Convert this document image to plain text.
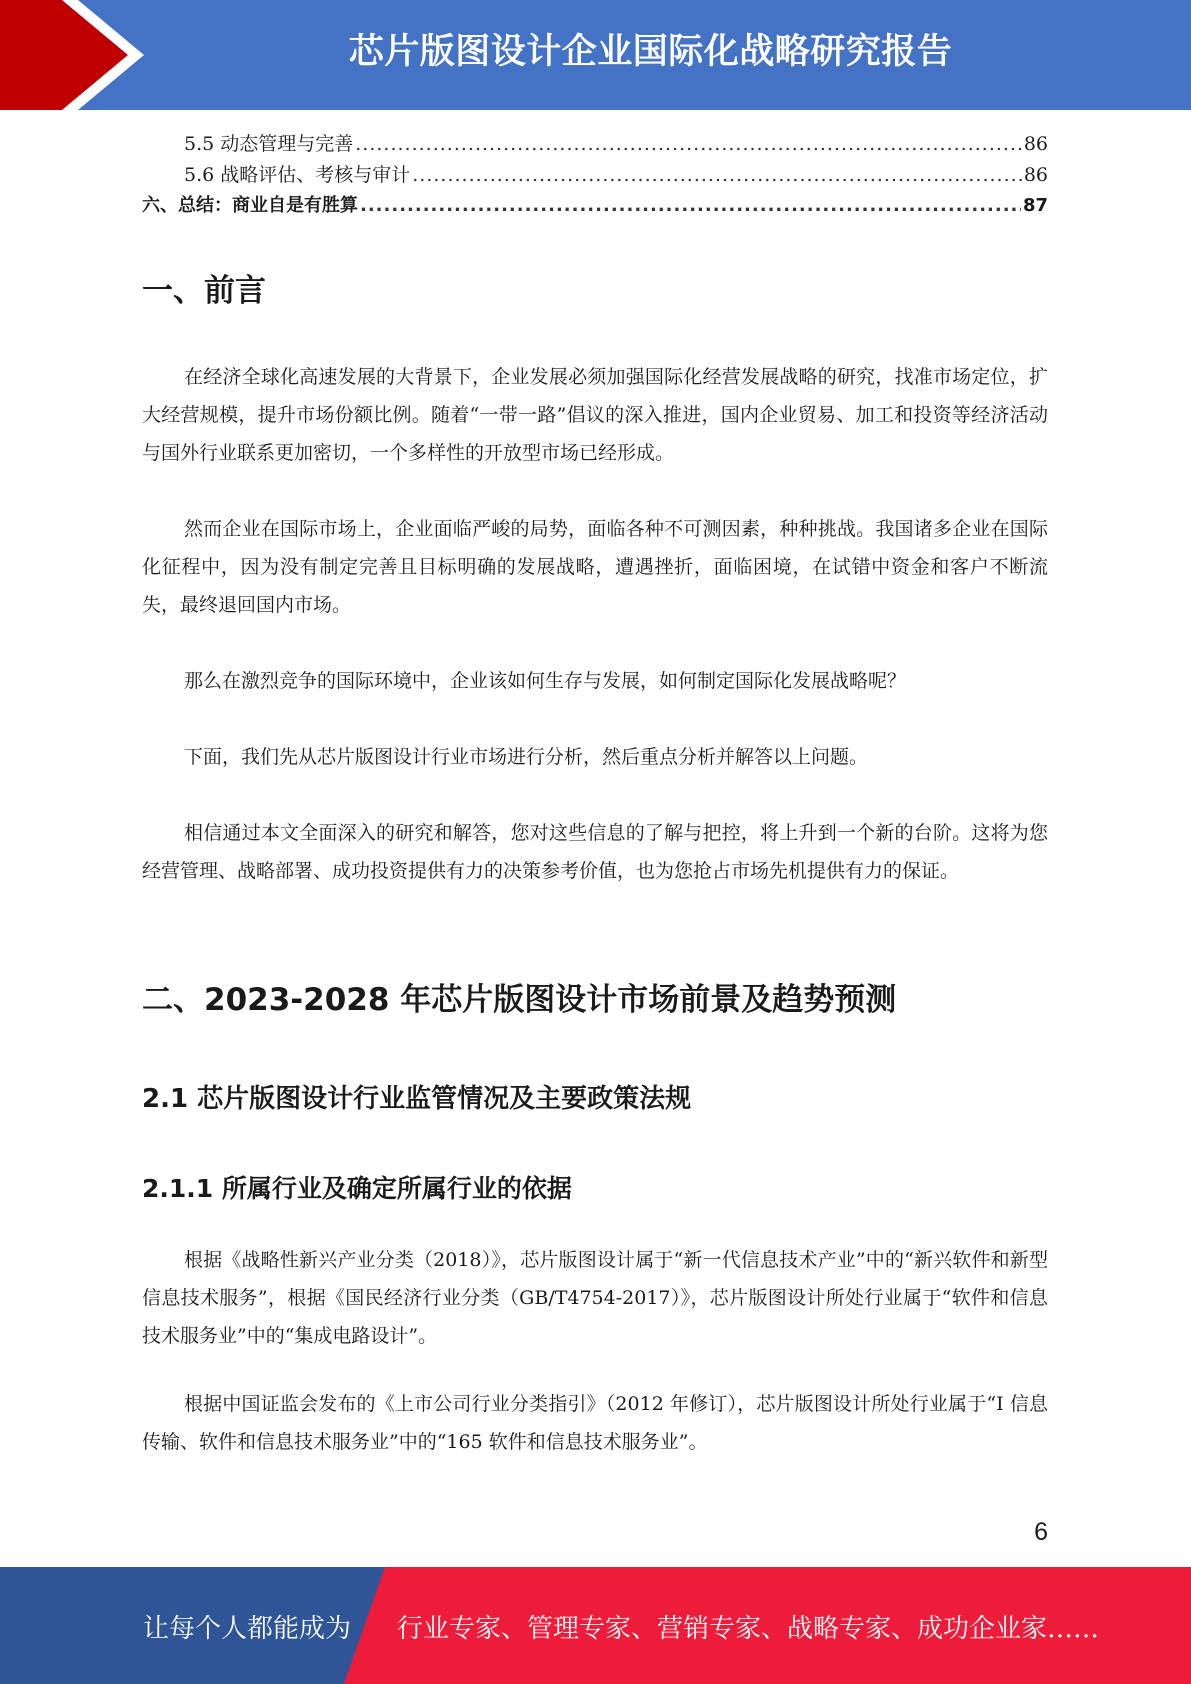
芯片版图设计企业国际化战略研究报告
5.5 动态管理与完善 .....	86
5.6 战略评估、考核与审计 .....	86
六、总结：商业自是有胜算 .....	87
一、前言

在经济全球化高速发展的大背景下，企业发展必须加强国际化经营发展战略的研究，找准市场定位，扩大经营规模，提升市场份额比例。随着“一带一路”倡议的深入推进，国内企业贸易、加工和投资等经济活动与国外行业联系更加密切，一个多样性的开放型市场已经形成。

然而企业在国际市场上，企业面临严峻的局势，面临各种不可测因素，种种挑战。我国诸多企业在国际化征程中，因为没有制定完善且目标明确的发展战略，遭遇挫折，面临困境，在试错中资金和客户不断流失，最终退回国内市场。

那么在激烈竞争的国际环境中，企业该如何生存与发展，如何制定国际化发展战略呢？

下面，我们先从芯片版图设计行业市场进行分析，然后重点分析并解答以上问题。

相信通过本文全面深入的研究和解答，您对这些信息的了解与把控，将上升到一个新的台阶。这将为您经营管理、战略部署、成功投资提供有力的决策参考价值，也为您抢占市场先机提供有力的保证。

二、2023-2028 年芯片版图设计市场前景及趋势预测
2.1 芯片版图设计行业监管情况及主要政策法规
2.1.1 所属行业及确定所属行业的依据

根据《战略性新兴产业分类（2018）》，芯片版图设计属于“新一代信息技术产业”中的“新兴软件和新型信息技术服务”，根据《国民经济行业分类（GB/T4754-2017）》，芯片版图设计所处行业属于“软件和信息技术服务业”中的“集成电路设计”。

根据中国证监会发布的《上市公司行业分类指引》（2012 年修订），芯片版图设计所处行业属于“I 信息传输、软件和信息技术服务业”中的“165 软件和信息技术服务业”。

6
让每个人都能成为 行业专家、管理专家、营销专家、战略专家、成功企业家……
